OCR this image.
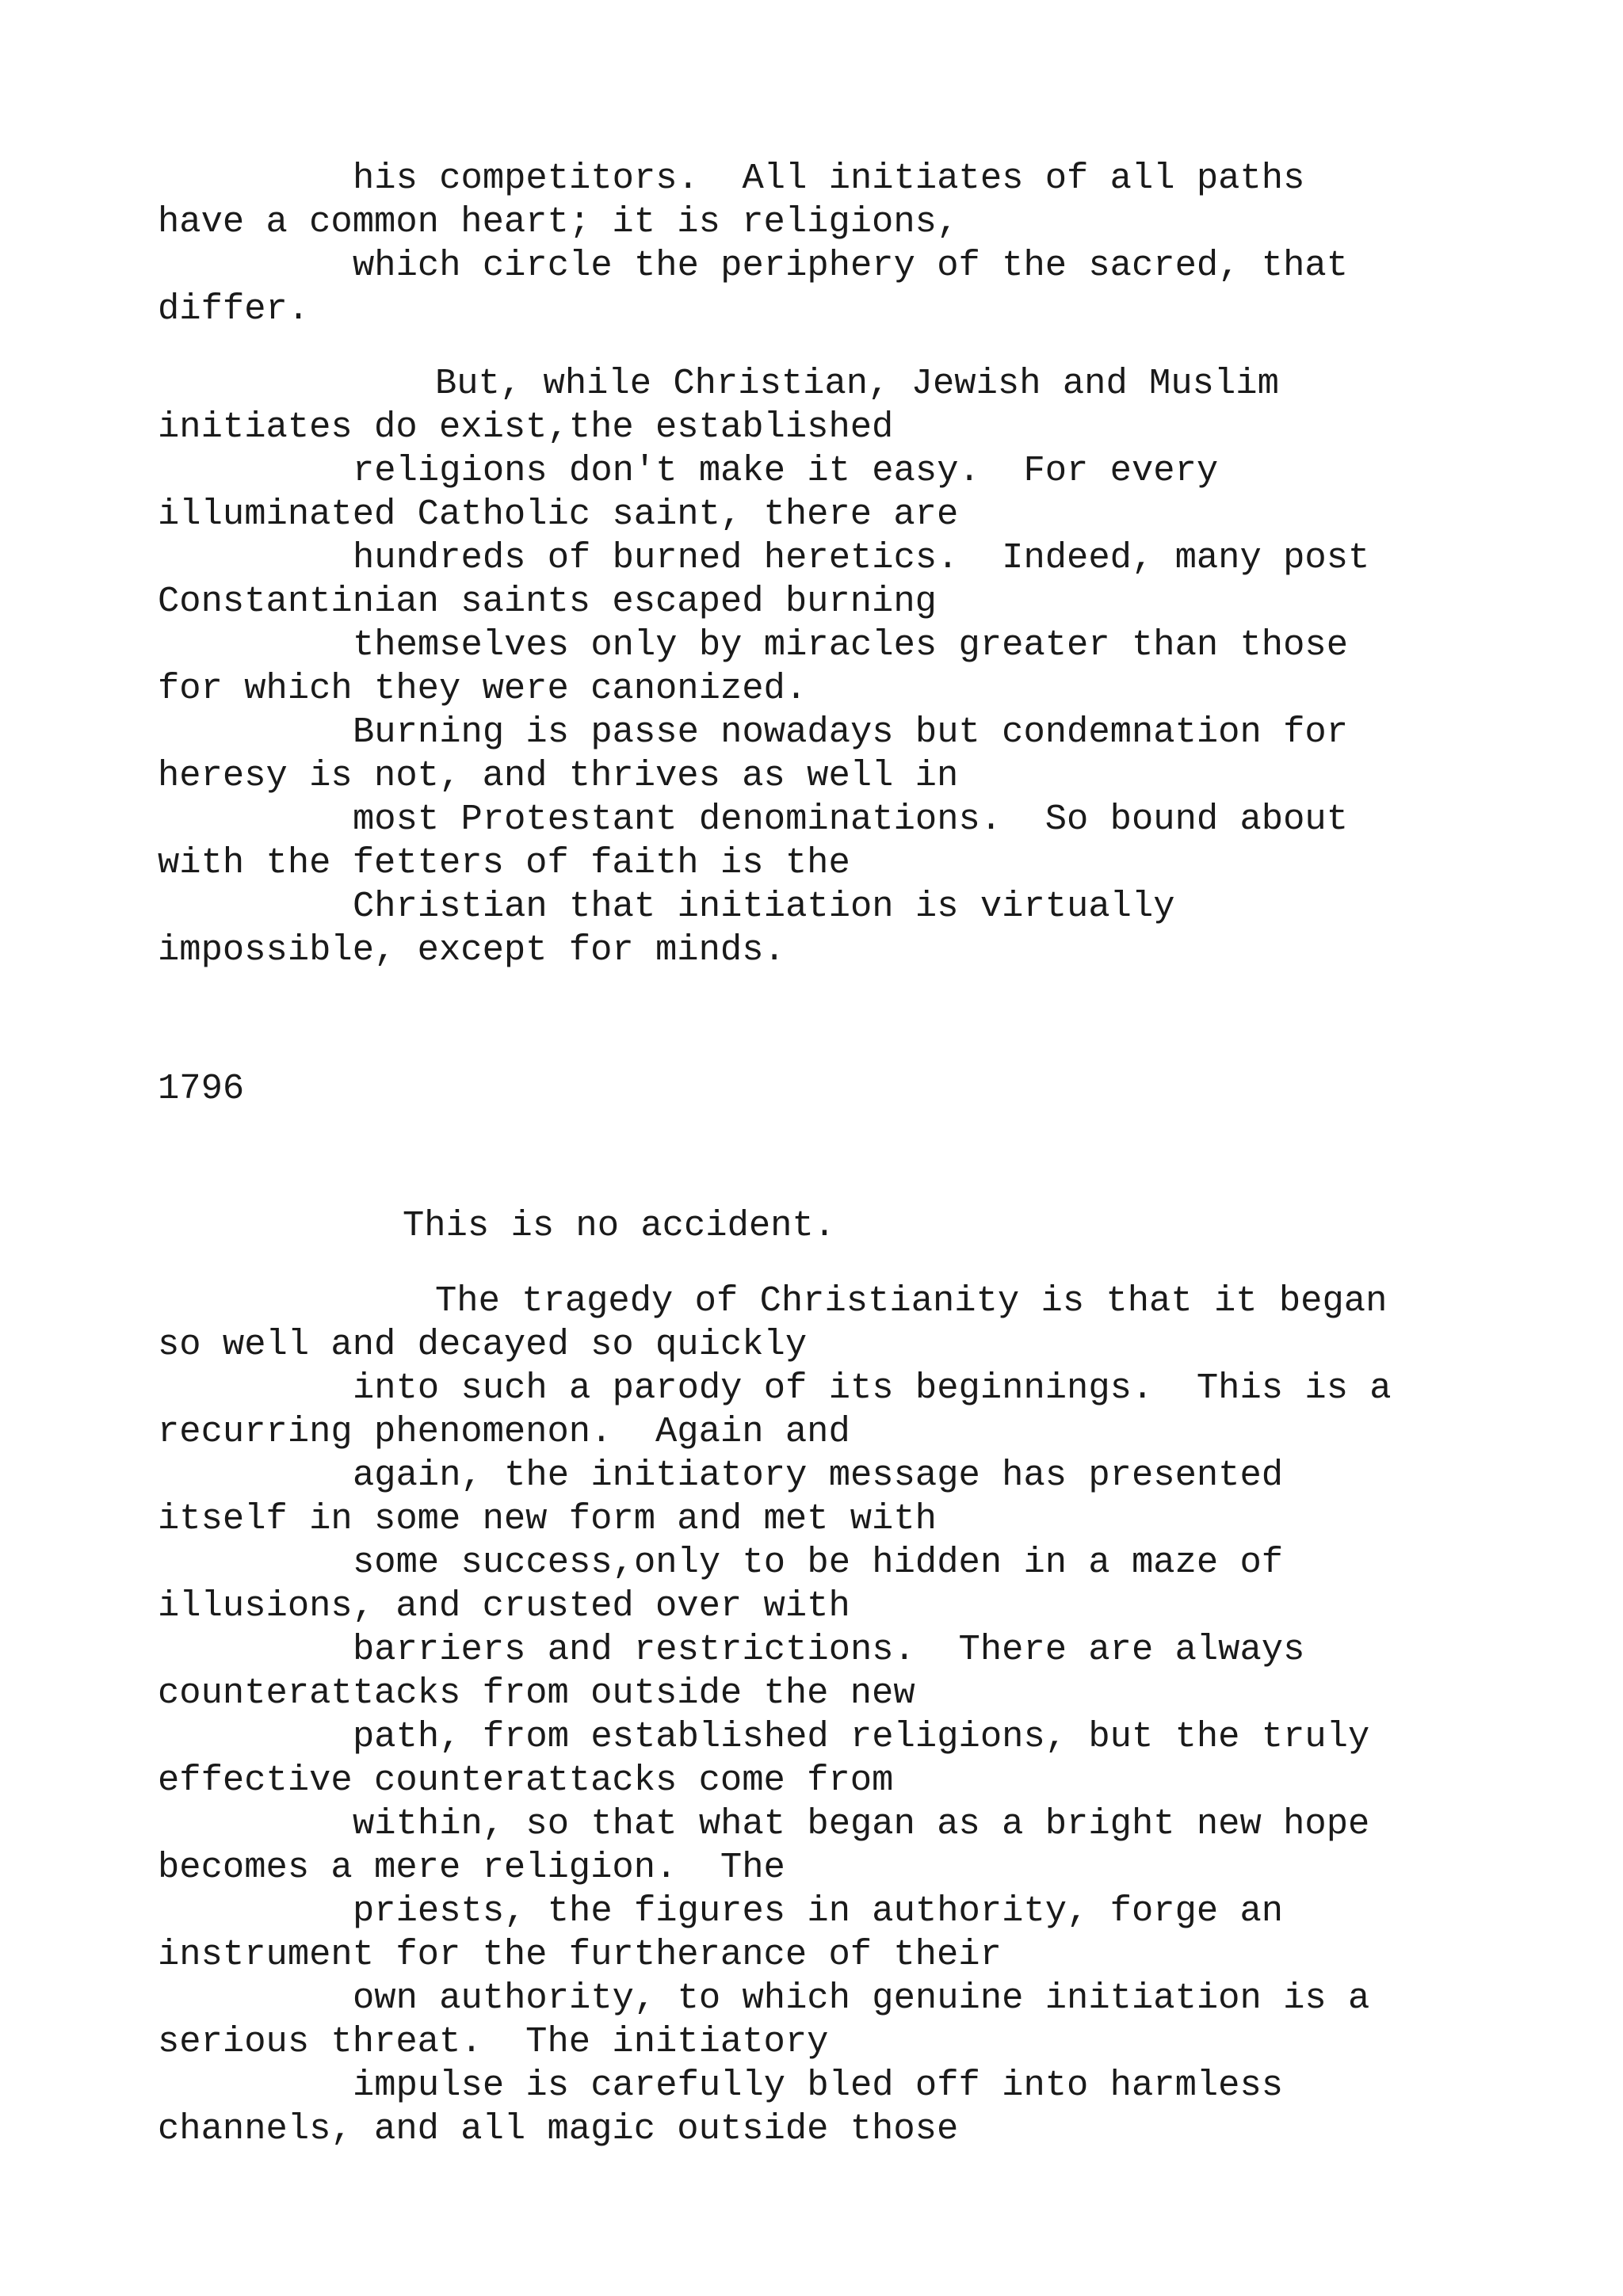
his competitors.  All initiates of all paths

have a common heart; it is religions,

which circle the periphery of the sacred, that

differ.

But, while Christian, Jewish and Muslim

initiates do exist,the established

religions don't make it easy.  For every

illuminated Catholic saint, there are

hundreds of burned heretics.  Indeed, many post

Constantinian saints escaped burning

themselves only by miracles greater than those

for which they were canonized.

Burning is passe nowadays but condemnation for

heresy is not, and thrives as well in

most Protestant denominations.  So bound about

with the fetters of faith is the

Christian that initiation is virtually

impossible, except for minds.

1796

This is no accident.

The tragedy of Christianity is that it began

so well and decayed so quickly

into such a parody of its beginnings.  This is a

recurring phenomenon.  Again and

again, the initiatory message has presented

itself in some new form and met with

some success,only to be hidden in a maze of

illusions, and crusted over with

barriers and restrictions.  There are always

counterattacks from outside the new

path, from established religions, but the truly

effective counterattacks come from

within, so that what began as a bright new hope

becomes a mere religion.  The

priests, the figures in authority, forge an

instrument for the furtherance of their

own authority, to which genuine initiation is a

serious threat.  The initiatory

impulse is carefully bled off into harmless

channels, and all magic outside those
